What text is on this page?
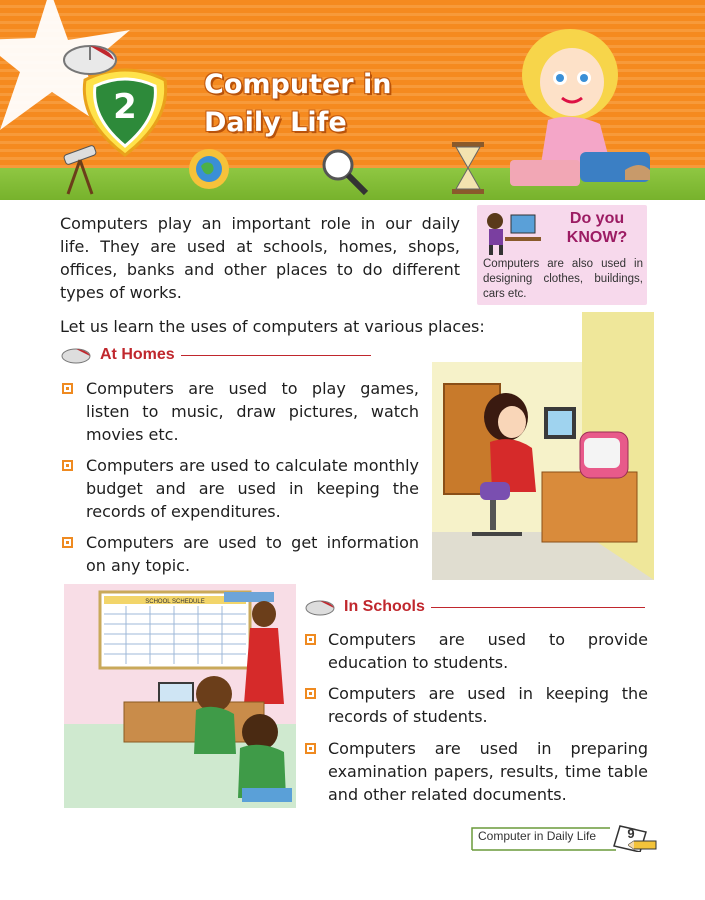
2
Computer in
Daily Life
Do you
KNOW?
Computers are also used in designing clothes, buildings, cars etc.
Computers play an important role in our daily life. They are used at schools, homes, shops, offices, banks and other places to do different types of works.
Let us learn the uses of computers at various places:
At Homes
Computers are used to play games, listen to music, draw pictures, watch movies etc.
Computers are used to calculate monthly budget and are used in keeping the records of expenditures.
Computers are used to get information on any topic.
SCHOOL SCHEDULE	In Schools
Computers are used to provide education to students.
Computers are used in keeping the records of students.
Computers are used in preparing examination papers, results, time table and other related documents.
Computer in Daily Life	9
